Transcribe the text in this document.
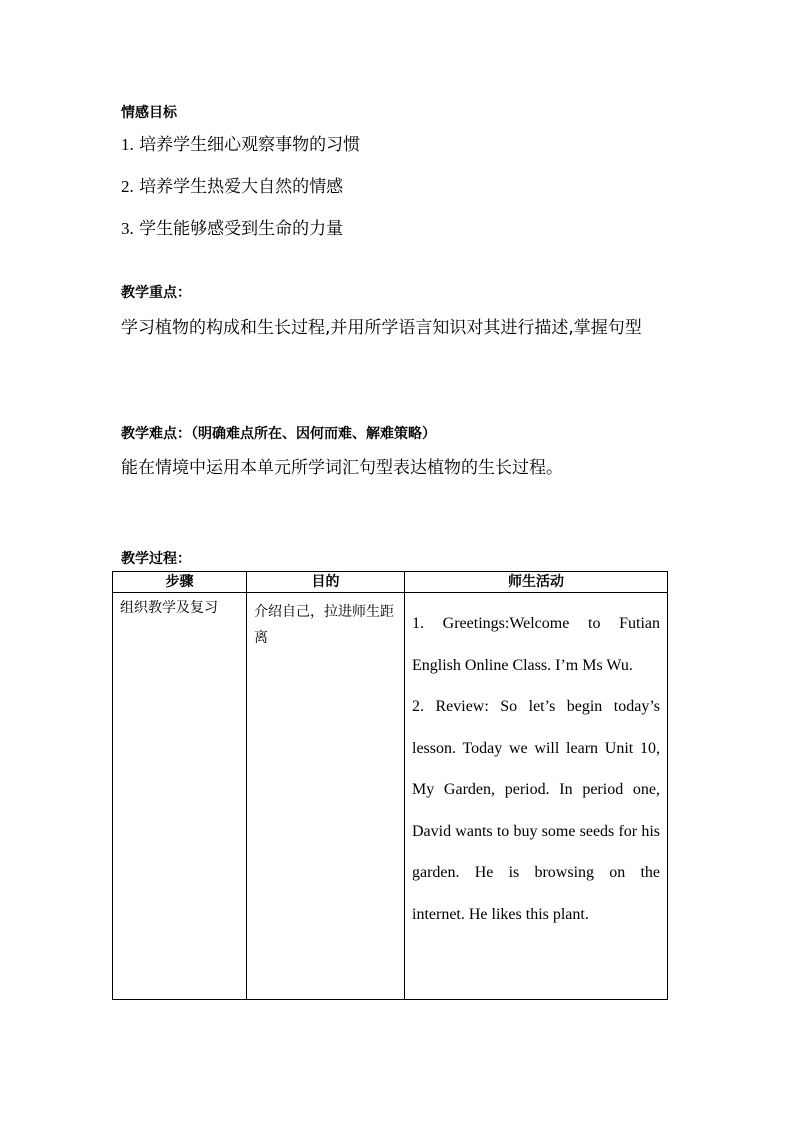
情感目标

1. 培养学生细心观察事物的习惯

2. 培养学生热爱大自然的情感

3. 学生能够感受到生命的力量

教学重点：

学习植物的构成和生长过程,并用所学语言知识对其进行描述,掌握句型

教学难点：（明确难点所在、因何而难、解难策略）

能在情境中运用本单元所学词汇句型表达植物的生长过程。

教学过程：

步骤	目的	师生活动
组织教学及复习	介绍自己，拉进师生距离	1. Greetings:Welcome to Futian English Online Class. I’m Ms Wu.

2. Review: So let’s begin today’s lesson. Today we will learn Unit 10, My Garden, period. In period one, David wants to buy some seeds for his garden. He is browsing on the internet. He likes this plant.
